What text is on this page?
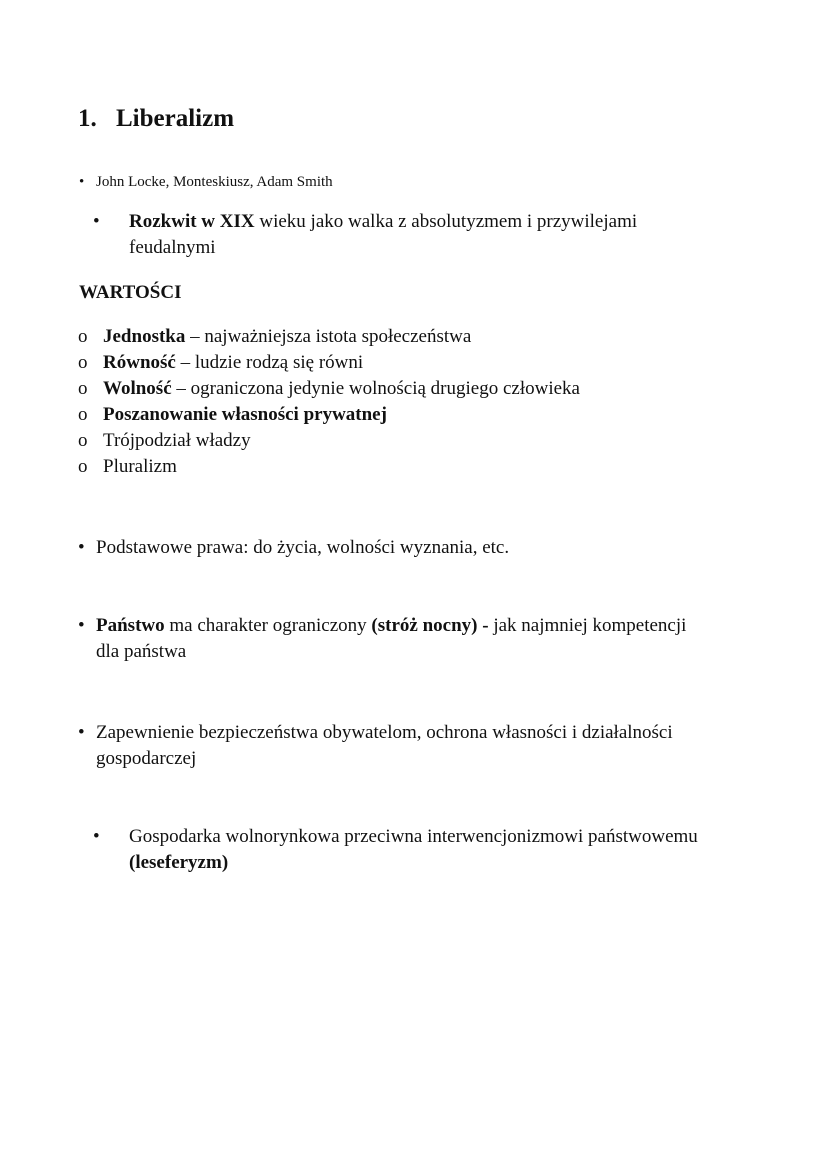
1. Liberalizm
• John Locke, Monteskiusz, Adam Smith
• Rozkwit w XIX wieku jako walka z absolutyzmem i przywilejami
feudalnymi
WARTOŚCI
o Jednostka – najważniejsza istota społeczeństwa
o Równość – ludzie rodzą się równi
o Wolność – ograniczona jedynie wolnością drugiego człowieka
o Poszanowanie własności prywatnej
o Trójpodział władzy
o Pluralizm
• Podstawowe prawa: do życia, wolności wyznania, etc.
• Państwo ma charakter ograniczony (stróż nocny) - jak najmniej kompetencji
dla państwa
• Zapewnienie bezpieczeństwa obywatelom, ochrona własności i działalności
gospodarczej
• Gospodarka wolnorynkowa przeciwna interwencjonizmowi państwowemu
(leseferyzm)
